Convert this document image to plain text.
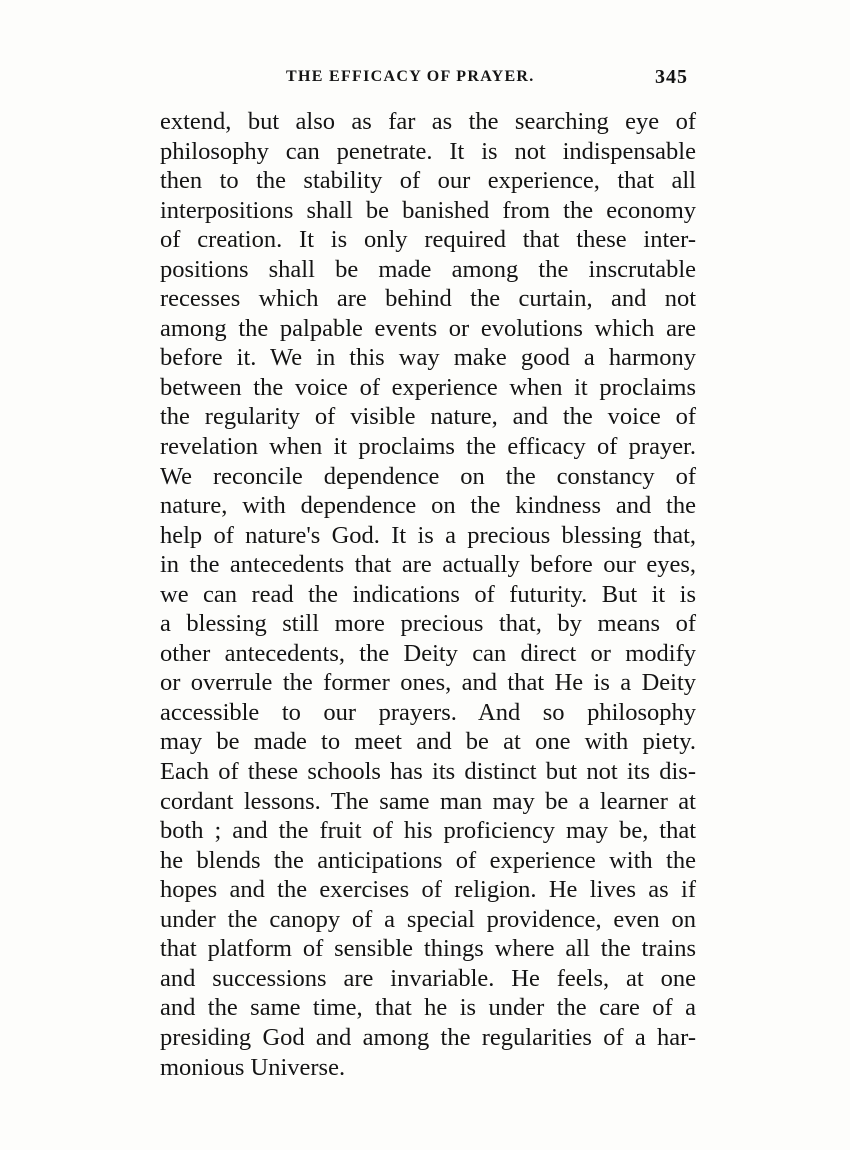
THE EFFICACY OF PRAYER.	345
extend, but also as far as the searching eye of
philosophy can penetrate. It is not indispensable
then to the stability of our experience, that all
interpositions shall be banished from the economy
of creation. It is only required that these inter-
positions shall be made among the inscrutable
recesses which are behind the curtain, and not
among the palpable events or evolutions which are
before it. We in this way make good a harmony
between the voice of experience when it proclaims
the regularity of visible nature, and the voice of
revelation when it proclaims the efficacy of prayer.
We reconcile dependence on the constancy of
nature, with dependence on the kindness and the
help of nature's God. It is a precious blessing that,
in the antecedents that are actually before our eyes,
we can read the indications of futurity. But it is
a blessing still more precious that, by means of
other antecedents, the Deity can direct or modify
or overrule the former ones, and that He is a Deity
accessible to our prayers. And so philosophy
may be made to meet and be at one with piety.
Each of these schools has its distinct but not its dis-
cordant lessons. The same man may be a learner at
both ; and the fruit of his proficiency may be, that
he blends the anticipations of experience with the
hopes and the exercises of religion. He lives as if
under the canopy of a special providence, even on
that platform of sensible things where all the trains
and successions are invariable. He feels, at one
and the same time, that he is under the care of a
presiding God and among the regularities of a har-
monious Universe.
